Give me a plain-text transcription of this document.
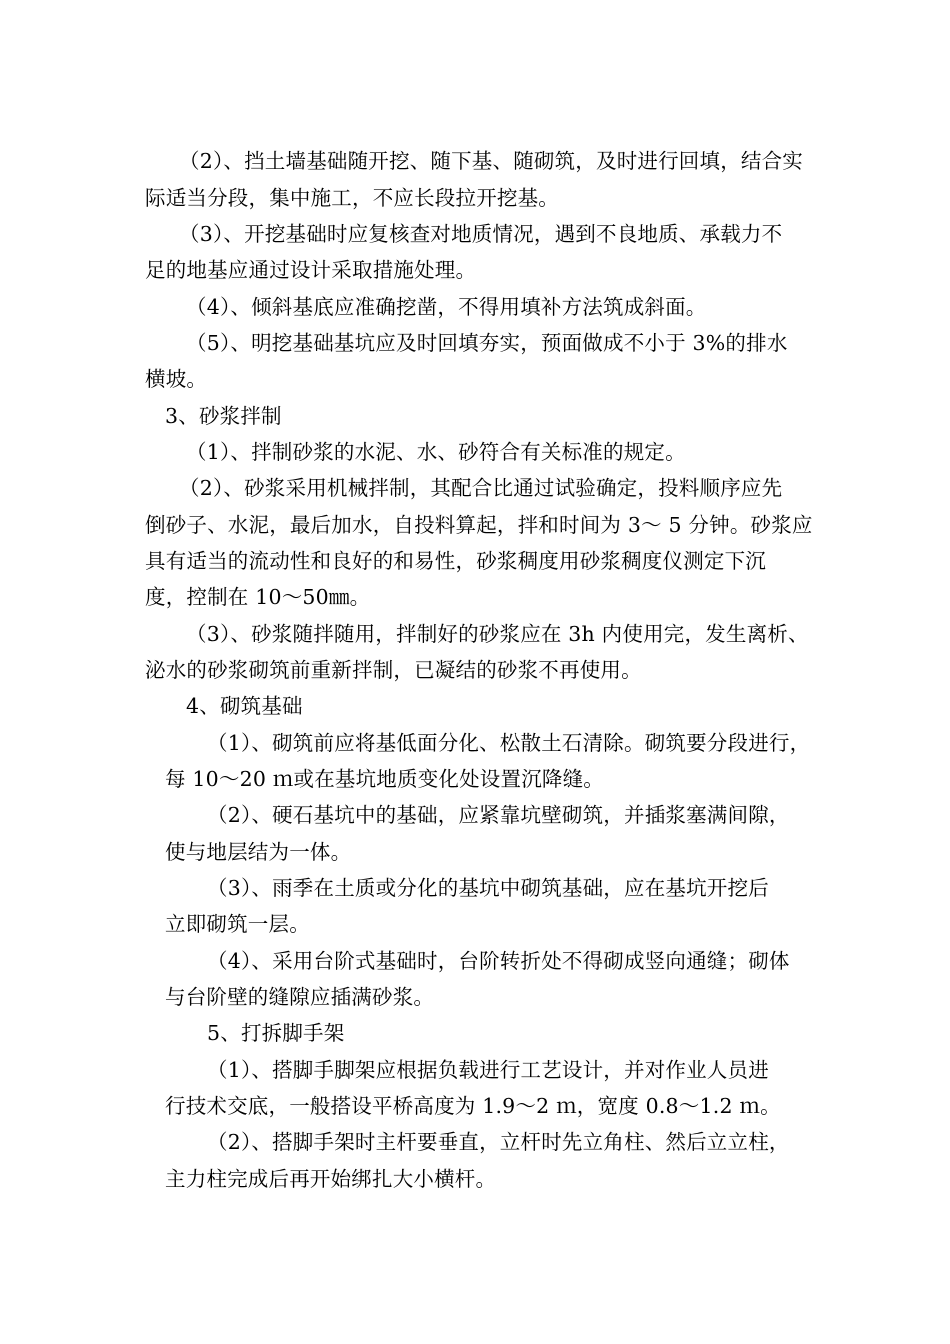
（2）、挡土墙基础随开挖、随下基、随砌筑，及时进行回填，结合实
际适当分段，集中施工，不应长段拉开挖基。
（3）、开挖基础时应复核查对地质情况，遇到不良地质、承载力不
足的地基应通过设计采取措施处理。
（4）、倾斜基底应准确挖凿，不得用填补方法筑成斜面。
（5）、明挖基础基坑应及时回填夯实，预面做成不小于 3%的排水
横坡。
3、砂浆拌制
（1）、拌制砂浆的水泥、水、砂符合有关标准的规定。
（2）、砂浆采用机械拌制，其配合比通过试验确定，投料顺序应先
倒砂子、水泥，最后加水，自投料算起，拌和时间为 3～ 5 分钟。砂浆应
具有适当的流动性和良好的和易性，砂浆稠度用砂浆稠度仪测定下沉
度，控制在 10～50㎜。
（3）、砂浆随拌随用，拌制好的砂浆应在 3h 内使用完，发生离析、
泌水的砂浆砌筑前重新拌制，已凝结的砂浆不再使用。
4、砌筑基础
（1）、砌筑前应将基低面分化、松散土石清除。砌筑要分段进行，
每 10～20 ｍ或在基坑地质变化处设置沉降缝。
（2）、硬石基坑中的基础，应紧靠坑壁砌筑，并插浆塞满间隙，
使与地层结为一体。
（3）、雨季在土质或分化的基坑中砌筑基础，应在基坑开挖后
立即砌筑一层。
（4）、采用台阶式基础时，台阶转折处不得砌成竖向通缝；砌体
与台阶壁的缝隙应插满砂浆。
5、打拆脚手架
（1）、搭脚手脚架应根据负载进行工艺设计，并对作业人员进
行技术交底，一般搭设平桥高度为 1.9～2 ｍ，宽度 0.8～1.2 ｍ。
（2）、搭脚手架时主杆要垂直，立杆时先立角柱、然后立立柱，
主力柱完成后再开始绑扎大小横杆。
